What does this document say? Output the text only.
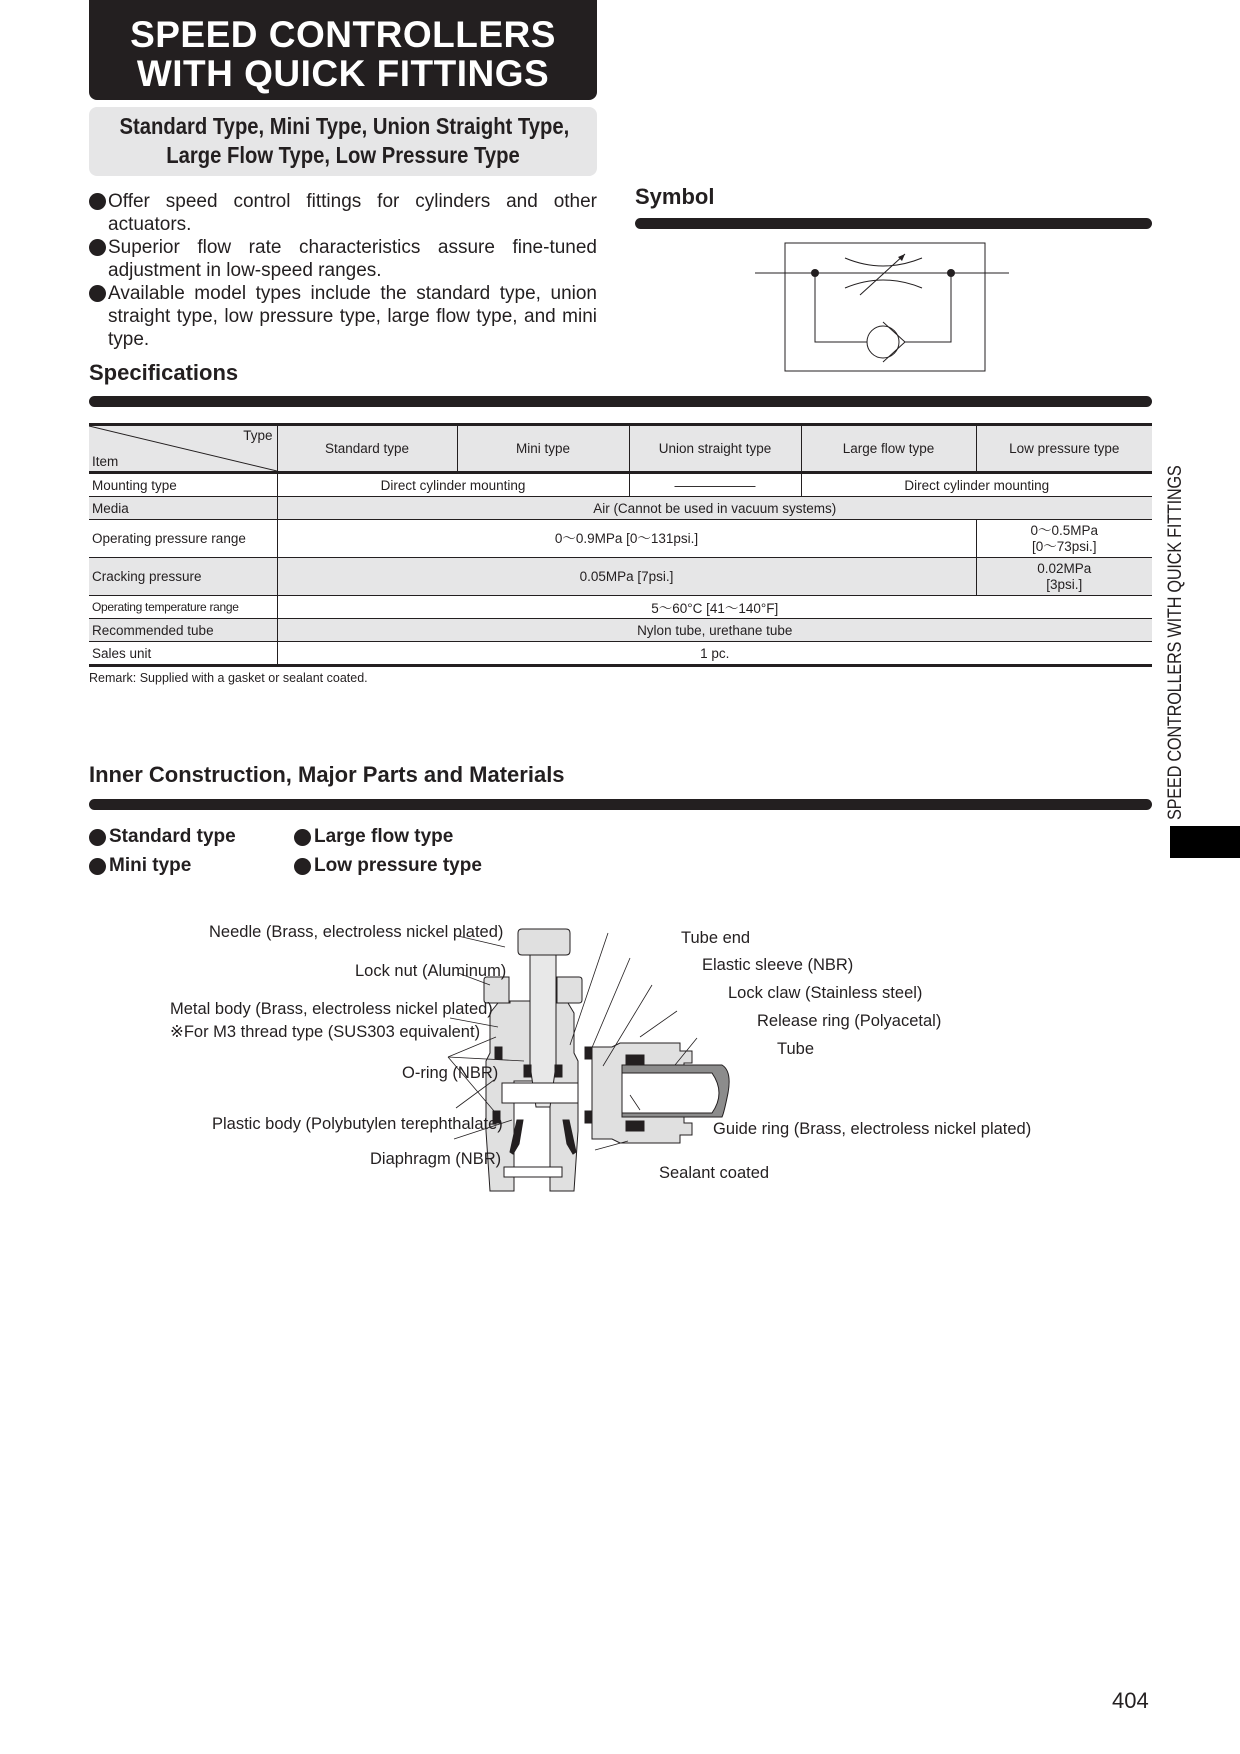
SPEED CONTROLLERS
WITH QUICK FITTINGS
Standard Type, Mini Type, Union Straight Type,
Large Flow Type, Low Pressure Type
Offer speed control fittings for cylinders and other actuators.
Superior flow rate characteristics assure fine-tuned adjustment in low-speed ranges.
Available model types include the standard type, union straight type, low pressure type, large flow type, and mini type.
Symbol
Specifications
Type
Item	Standard type	Mini type	Union straight type	Large flow type	Low pressure type
Mounting type	Direct cylinder mounting		――――――	Direct cylinder mounting	
Media	Air (Cannot be used in vacuum systems)				
Operating pressure range	0～0.9MPa [0～131psi.]				0～0.5MPa
[0～73psi.]
Cracking pressure	0.05MPa [7psi.]				0.02MPa
[3psi.]
Operating temperature range	5～60°C [41～140°F]				
Recommended tube	Nylon tube, urethane tube				
Sales unit	1 pc.				
Remark: Supplied with a gasket or sealant coated.
Inner Construction, Major Parts and Materials
Standard type
Mini type
Large flow type
Low pressure type
Needle (Brass, electroless nickel plated)
Lock nut (Aluminum)
Metal body (Brass, electroless nickel plated)
※For M3 thread type (SUS303 equivalent)
O-ring (NBR)
Plastic body (Polybutylen terephthalate)
Diaphragm (NBR)
Tube end
Elastic sleeve (NBR)
Lock claw (Stainless steel)
Release ring (Polyacetal)
Tube
Guide ring (Brass, electroless nickel plated)
Sealant coated
SPEED CONTROLLERS WITH QUICK FITTINGS
404
